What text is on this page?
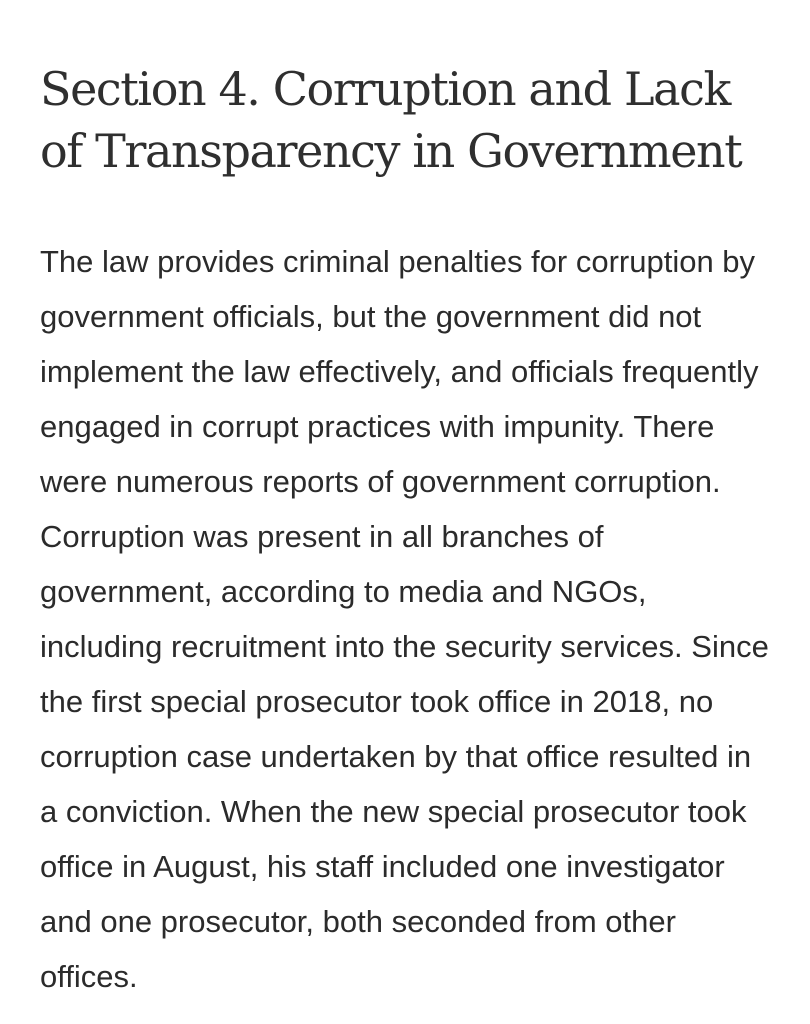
Section 4. Corruption and Lack of Transparency in Government

The law provides criminal penalties for corruption by government officials, but the government did not implement the law effectively, and officials frequently engaged in corrupt practices with impunity. There were numerous reports of government corruption. Corruption was present in all branches of government, according to media and NGOs, including recruitment into the security services. Since the first special prosecutor took office in 2018, no corruption case undertaken by that office resulted in a conviction. When the new special prosecutor took office in August, his staff included one investigator and one prosecutor, both seconded from other offices.
